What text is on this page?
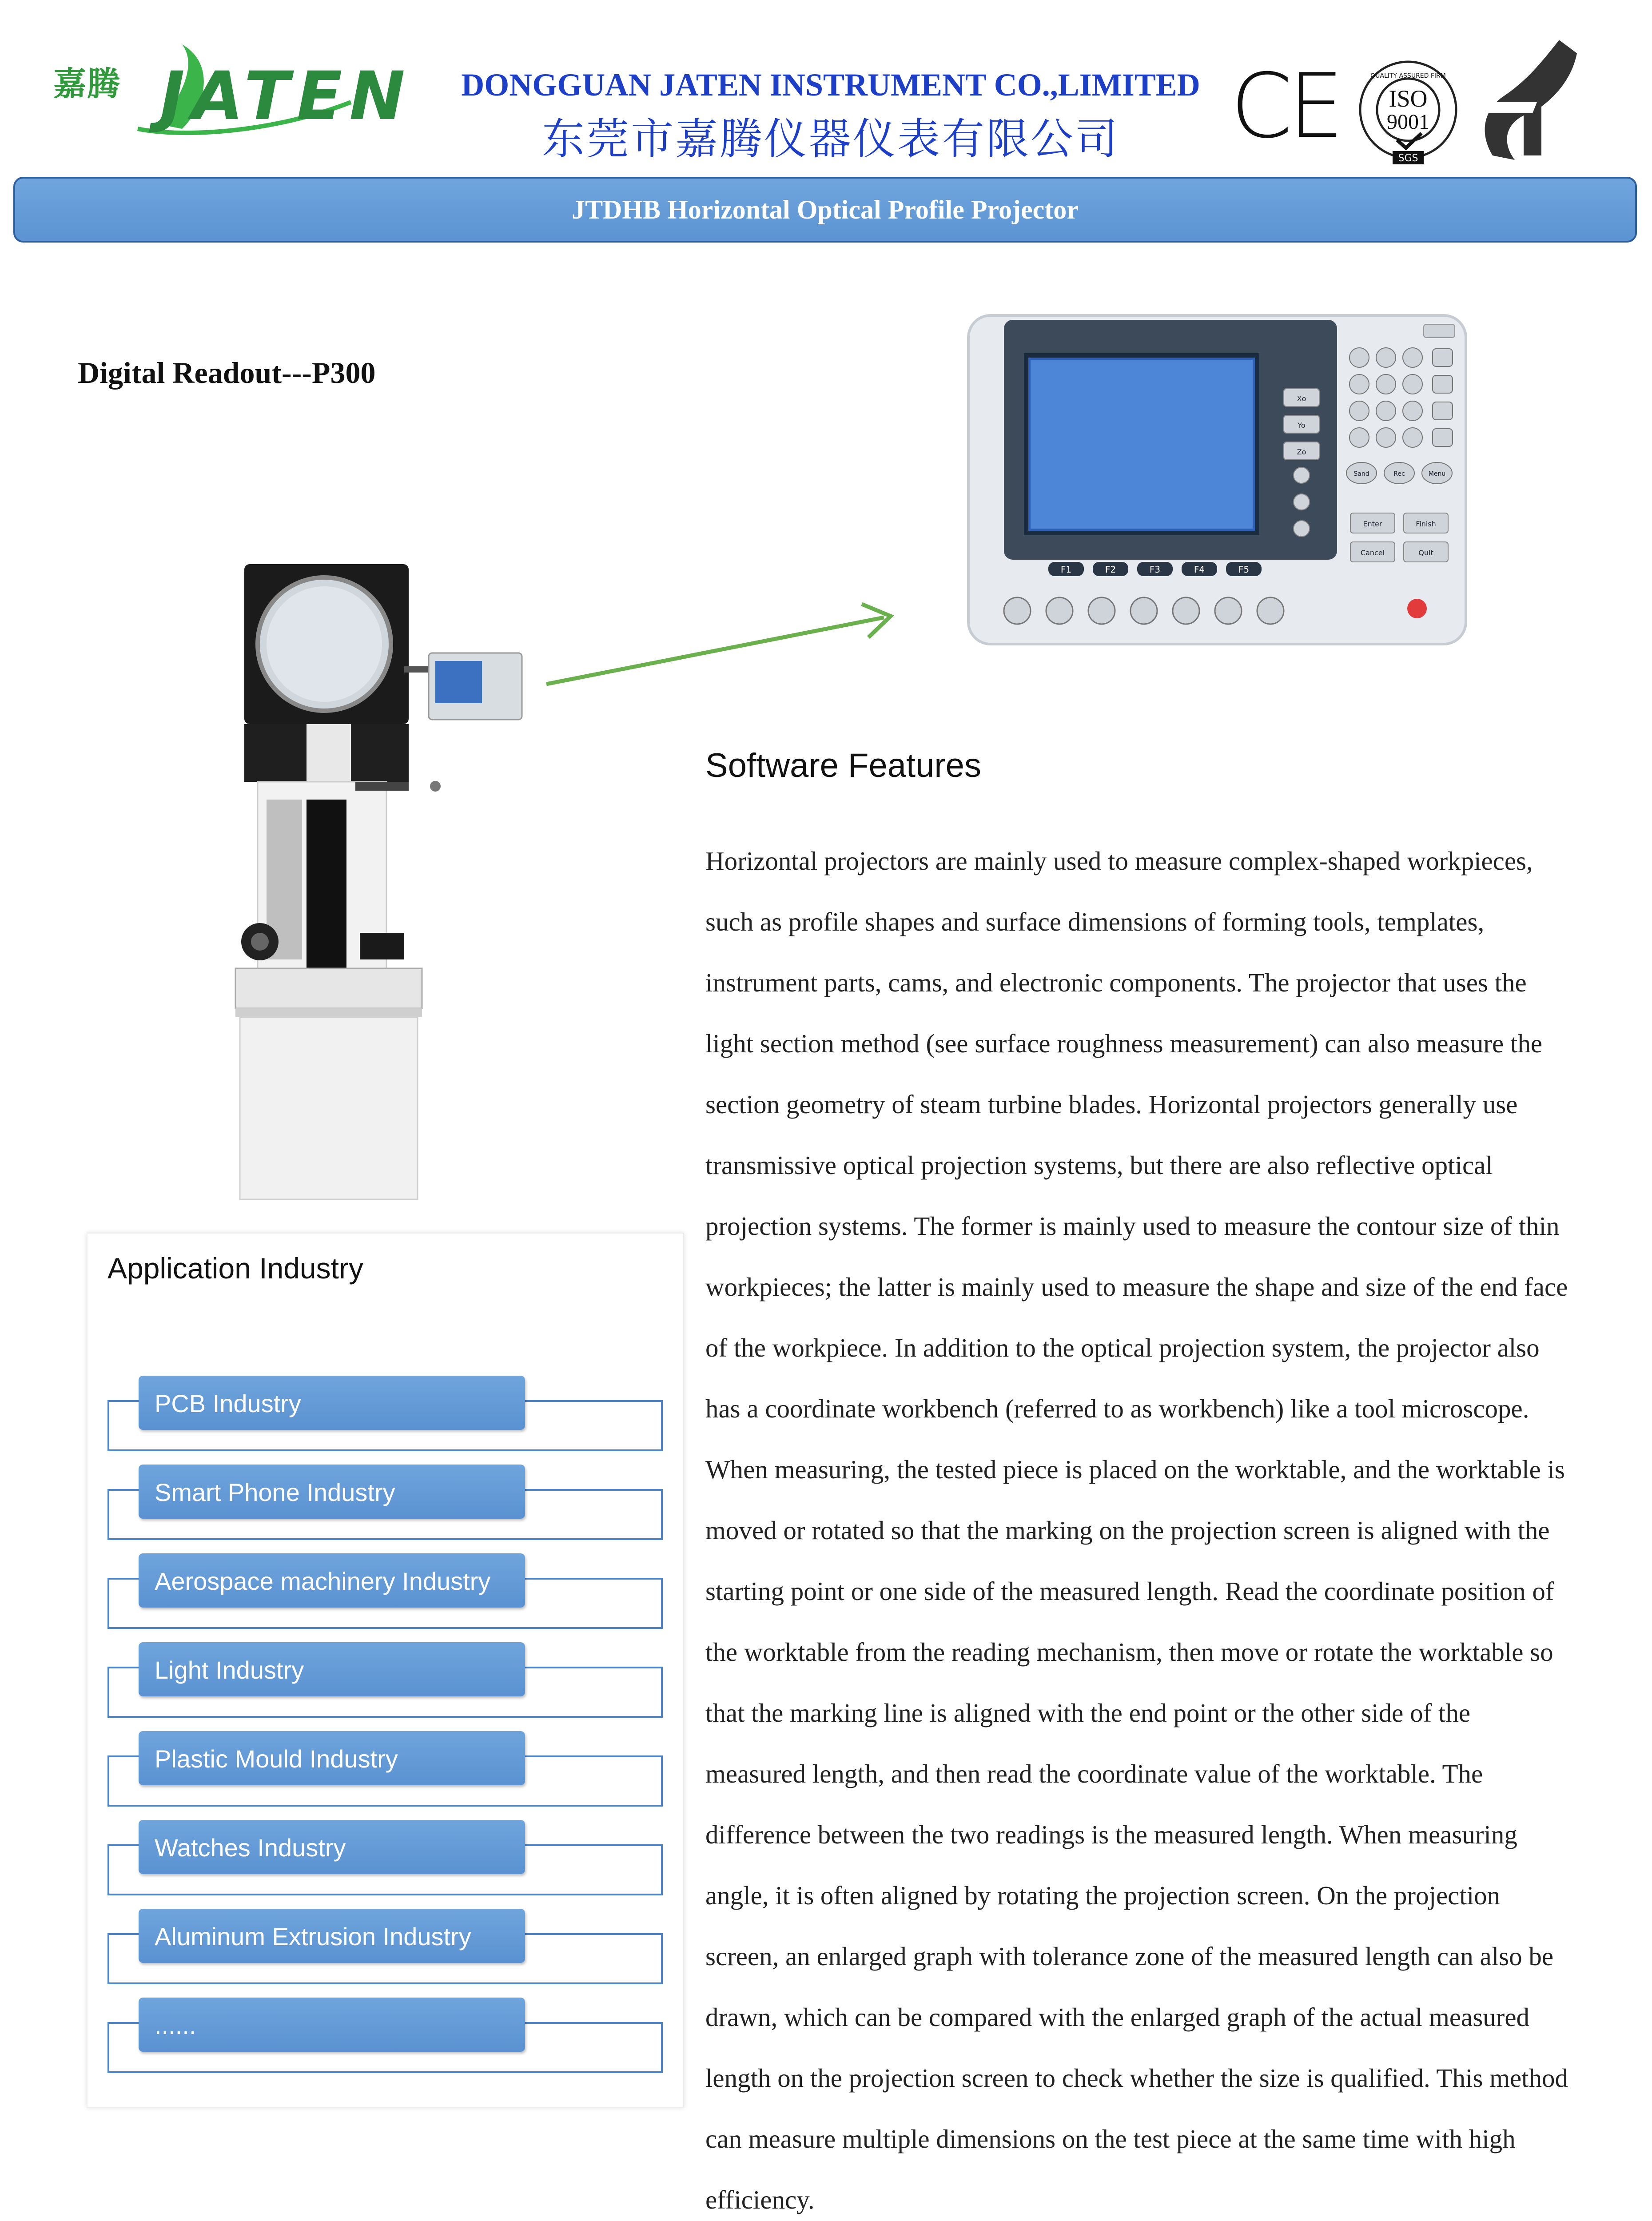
嘉腾 JATEN	DONGGUAN JATEN INSTRUMENT CO.,LIMITED
东莞市嘉腾仪器仪表有限公司	CE ISO
9001
QUALITY ASSURED FIRM
SGS
JTDHB Horizontal Optical Profile Projector
Digital Readout---P300
F1	F2	F3	F4	F5
Xo
Yo
Zo
Sand	Rec	Menu
Enter	Finish
Cancel	Quit
Software Features

Horizontal projectors are mainly used to measure complex-shaped workpieces,

such as profile shapes and surface dimensions of forming tools, templates,

instrument parts, cams, and electronic components. The projector that uses the

light section method (see surface roughness measurement) can also measure the

section geometry of steam turbine blades. Horizontal projectors generally use

transmissive optical projection systems, but there are also reflective optical

projection systems. The former is mainly used to measure the contour size of thin

workpieces; the latter is mainly used to measure the shape and size of the end face

of the workpiece. In addition to the optical projection system, the projector also

has a coordinate workbench (referred to as workbench) like a tool microscope.

When measuring, the tested piece is placed on the worktable, and the worktable is

moved or rotated so that the marking on the projection screen is aligned with the

starting point or one side of the measured length. Read the coordinate position of

the worktable from the reading mechanism, then move or rotate the worktable so

that the marking line is aligned with the end point or the other side of the

measured length, and then read the coordinate value of the worktable. The

difference between the two readings is the measured length. When measuring

angle, it is often aligned by rotating the projection screen. On the projection

screen, an enlarged graph with tolerance zone of the measured length can also be

drawn, which can be compared with the enlarged graph of the actual measured

length on the projection screen to check whether the size is qualified. This method

can measure multiple dimensions on the test piece at the same time with high

efficiency.

Application Industry
PCB Industry
Smart Phone Industry
Aerospace machinery Industry
Light Industry
Plastic Mould Industry
Watches Industry
Aluminum Extrusion Industry
......
